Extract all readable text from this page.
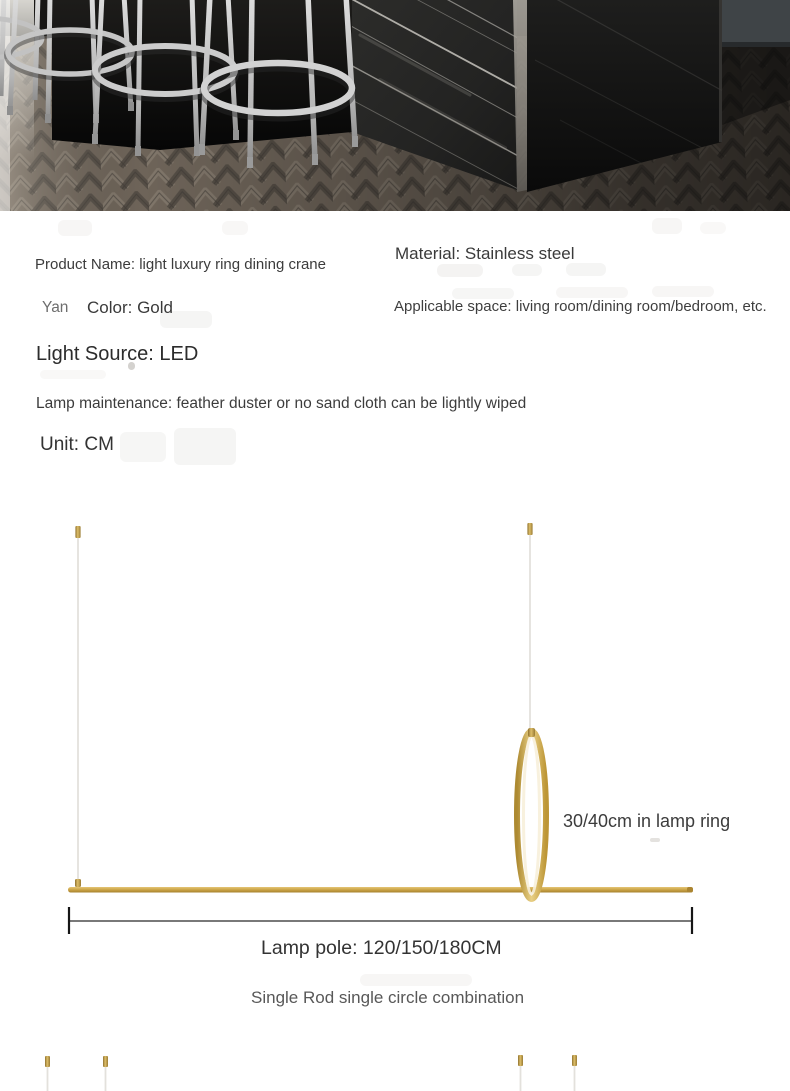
Product Name: light luxury ring dining crane
Material: Stainless steel
Yan Color: Gold	Applicable space: living room/dining room/bedroom, etc.
Light Source: LED
Lamp maintenance: feather duster or no sand cloth can be lightly wiped
Unit: CM
30/40cm in lamp ring
Lamp pole: 120/150/180CM
Single Rod single circle combination
